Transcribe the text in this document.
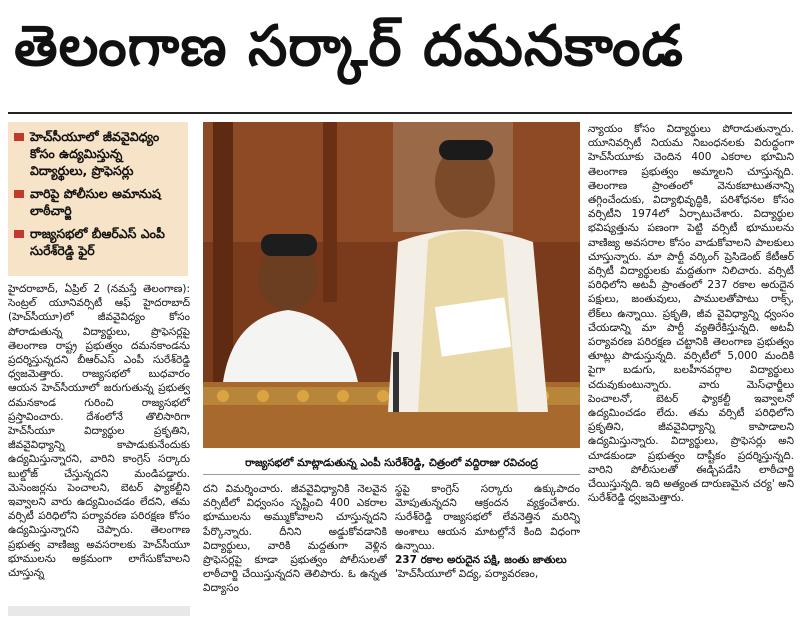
తెలంగాణ సర్కార్ దమనకాండ
హెచ్‌సీయూలో జీవవైవిధ్యం కోసం ఉద్యమిస్తున్న విద్యార్థులు, ప్రొఫెసర్లు
వారిపై పోలీసుల అమానుష లాఠీచార్జి
రాజ్యసభలో బీఆర్‌ఎస్ ఎంపీ సురేశ్‌రెడ్డి ఫైర్

హైదరాబాద్, ఏప్రిల్ 2 (నమస్తే తెలంగాణ): సెంట్రల్ యూనివర్సిటీ ఆఫ్ హైదరాబాద్ (హెచ్‌సీయూ)లో జీవవైవిధ్యం కోసం పోరాడుతున్న విద్యార్థులు, ప్రొఫెసర్లపై తెలంగాణ రాష్ట్ర ప్రభుత్వం దమనకాండను ప్రదర్శిస్తున్నదని బీఆర్‌ఎస్ ఎంపీ సురేశ్‌రెడ్డి ధ్వజమెత్తారు. రాజ్యసభలో బుధవారం ఆయన హెచ్‌సీయూలో జరుగుతున్న ప్రభుత్వ దమనకాండ గురించి రాజ్యసభలో ప్రస్తావించారు. దేశంలోనే తొలిసారిగా హెచ్‌సీయూ విద్యార్థుల ప్రకృతిని, జీవవైవిధ్యాన్ని కాపాడుకునేందుకు ఉద్యమిస్తున్నారని, వారిని కాంగ్రెస్ సర్కారు బుల్డోజ్ చేస్తున్నదని మండిపడ్డారు. మెసెంజర్లను పెంచాలని, బెటర్ ఫ్యాకల్టీని ఇవ్వాలని వారు ఉద్యమించడం లేదని, తమ వర్సిటీ పరిధిలోని పర్యావరణ పరిరక్షణ కోసం ఉద్యమిస్తున్నారని చెప్పారు. తెలంగాణ ప్రభుత్వ వాణిజ్య అవసరాలకు హెచ్‌సీయూ భూములను అక్రమంగా లాగేసుకోవాలని చూస్తున్న

రాజ్యసభలో మాట్లాడుతున్న ఎంపీ సురేశ్‌రెడ్డి, చిత్రంలో వద్దిరాజు రవిచంద్ర

దని విమర్శించారు. జీవవైవిధ్యానికి నెలవైన వర్సిటీలో విధ్వంసం సృష్టించి 400 ఎకరాల భూములను అమ్ముకోవాలని చూస్తున్నదని పేర్కొన్నారు. దీనిని అడ్డుకోవడానికి విద్యార్థులు, వారికి మద్దతుగా వెళ్లిన ప్రొఫెసర్లపై కూడా ప్రభుత్వం పోలీసులతో లాఠీచార్జి చేయిస్తున్నదని తెలిపారు. ఓ ఉన్నత విద్యాసం

స్థపై కాంగ్రెస్ సర్కారు ఉక్కుపాదం మోపుతున్నదని ఆక్రందన వ్యక్తంచేశారు. సురేశ్‌రెడ్డి రాజ్యసభలో లేవనెత్తిన మరిన్ని అంశాలు ఆయన మాటల్లోనే కింది విధంగా ఉన్నాయి.

237 రకాల అరుదైన పక్షి, జంతు జాతులు

'హెచ్‌సీయూలో విద్య, పర్యావరణం,

న్యాయం కోసం విద్యార్థులు పోరాడుతున్నారు. యూనివర్సిటీ నియమ నిబంధనలకు విరుద్ధంగా హెచ్‌సీయూకు చెందిన 400 ఎకరాల భూమిని తెలంగాణ ప్రభుత్వం అమ్మాలని చూస్తున్నది. తెలంగాణ ప్రాంతంలో వెనుకబాటుతనాన్ని తగ్గించేందుకు, విద్యాభివృద్ధికి, పరిశోధనల కోసం వర్సిటీని 1974లో ఏర్పాటుచేశారు. విద్యార్థుల భవిష్యత్తును పణంగా పెట్టి వర్సిటీ భూములను వాణిజ్య అవసరాల కోసం వాడుకోవాలని పాలకులు చూస్తున్నారు. మా పార్టీ వర్కింగ్ ప్రెసిడెంట్ కేటీఆర్ వర్సిటీ విద్యార్థులకు మద్దతుగా నిలిచారు. వర్సిటీ పరిధిలోని అటవీ ప్రాంతంలో 237 రకాల అరుదైన పక్షులు, జంతువులు, పాములతోపాటు రాక్స్, లేక్‌లు ఉన్నాయి. ప్రకృతి, జీవ వైవిధ్యాన్ని ధ్వంసం చేయడాన్ని మా పార్టీ వ్యతిరేకిస్తున్నది. అటవీ పర్యావరణ పరిరక్షణ చట్టానికి తెలంగాణ ప్రభుత్వం తూట్లు పొడుస్తున్నది. వర్సిటీలో 5,000 మందికి పైగా బడుగు, బలహీనవర్గాల విద్యార్థులు చదువుకుంటున్నారు. వారు మెస్‌ఛార్జీలు పెంచాలనో, బెటర్ ఫ్యాకల్టీ ఇవ్వాలనో ఉద్యమించడం లేదు. తమ వర్సిటీ పరిధిలోని ప్రకృతిని, జీవవైవిధ్యాన్ని కాపాడాలని ఉద్యమిస్తున్నారు. విద్యార్థులు, ప్రొఫెసర్లు అని చూడకుండా ప్రభుత్వం దాష్టీకం ప్రదర్శిస్తున్నది. వారిని పోలీసులతో ఈడ్చిపడేసి లాఠీచార్జి చేయిస్తున్నది. ఇది అత్యంత దారుణమైన చర్య' అని సురేశ్‌రెడ్డి ధ్వజమెత్తారు.
